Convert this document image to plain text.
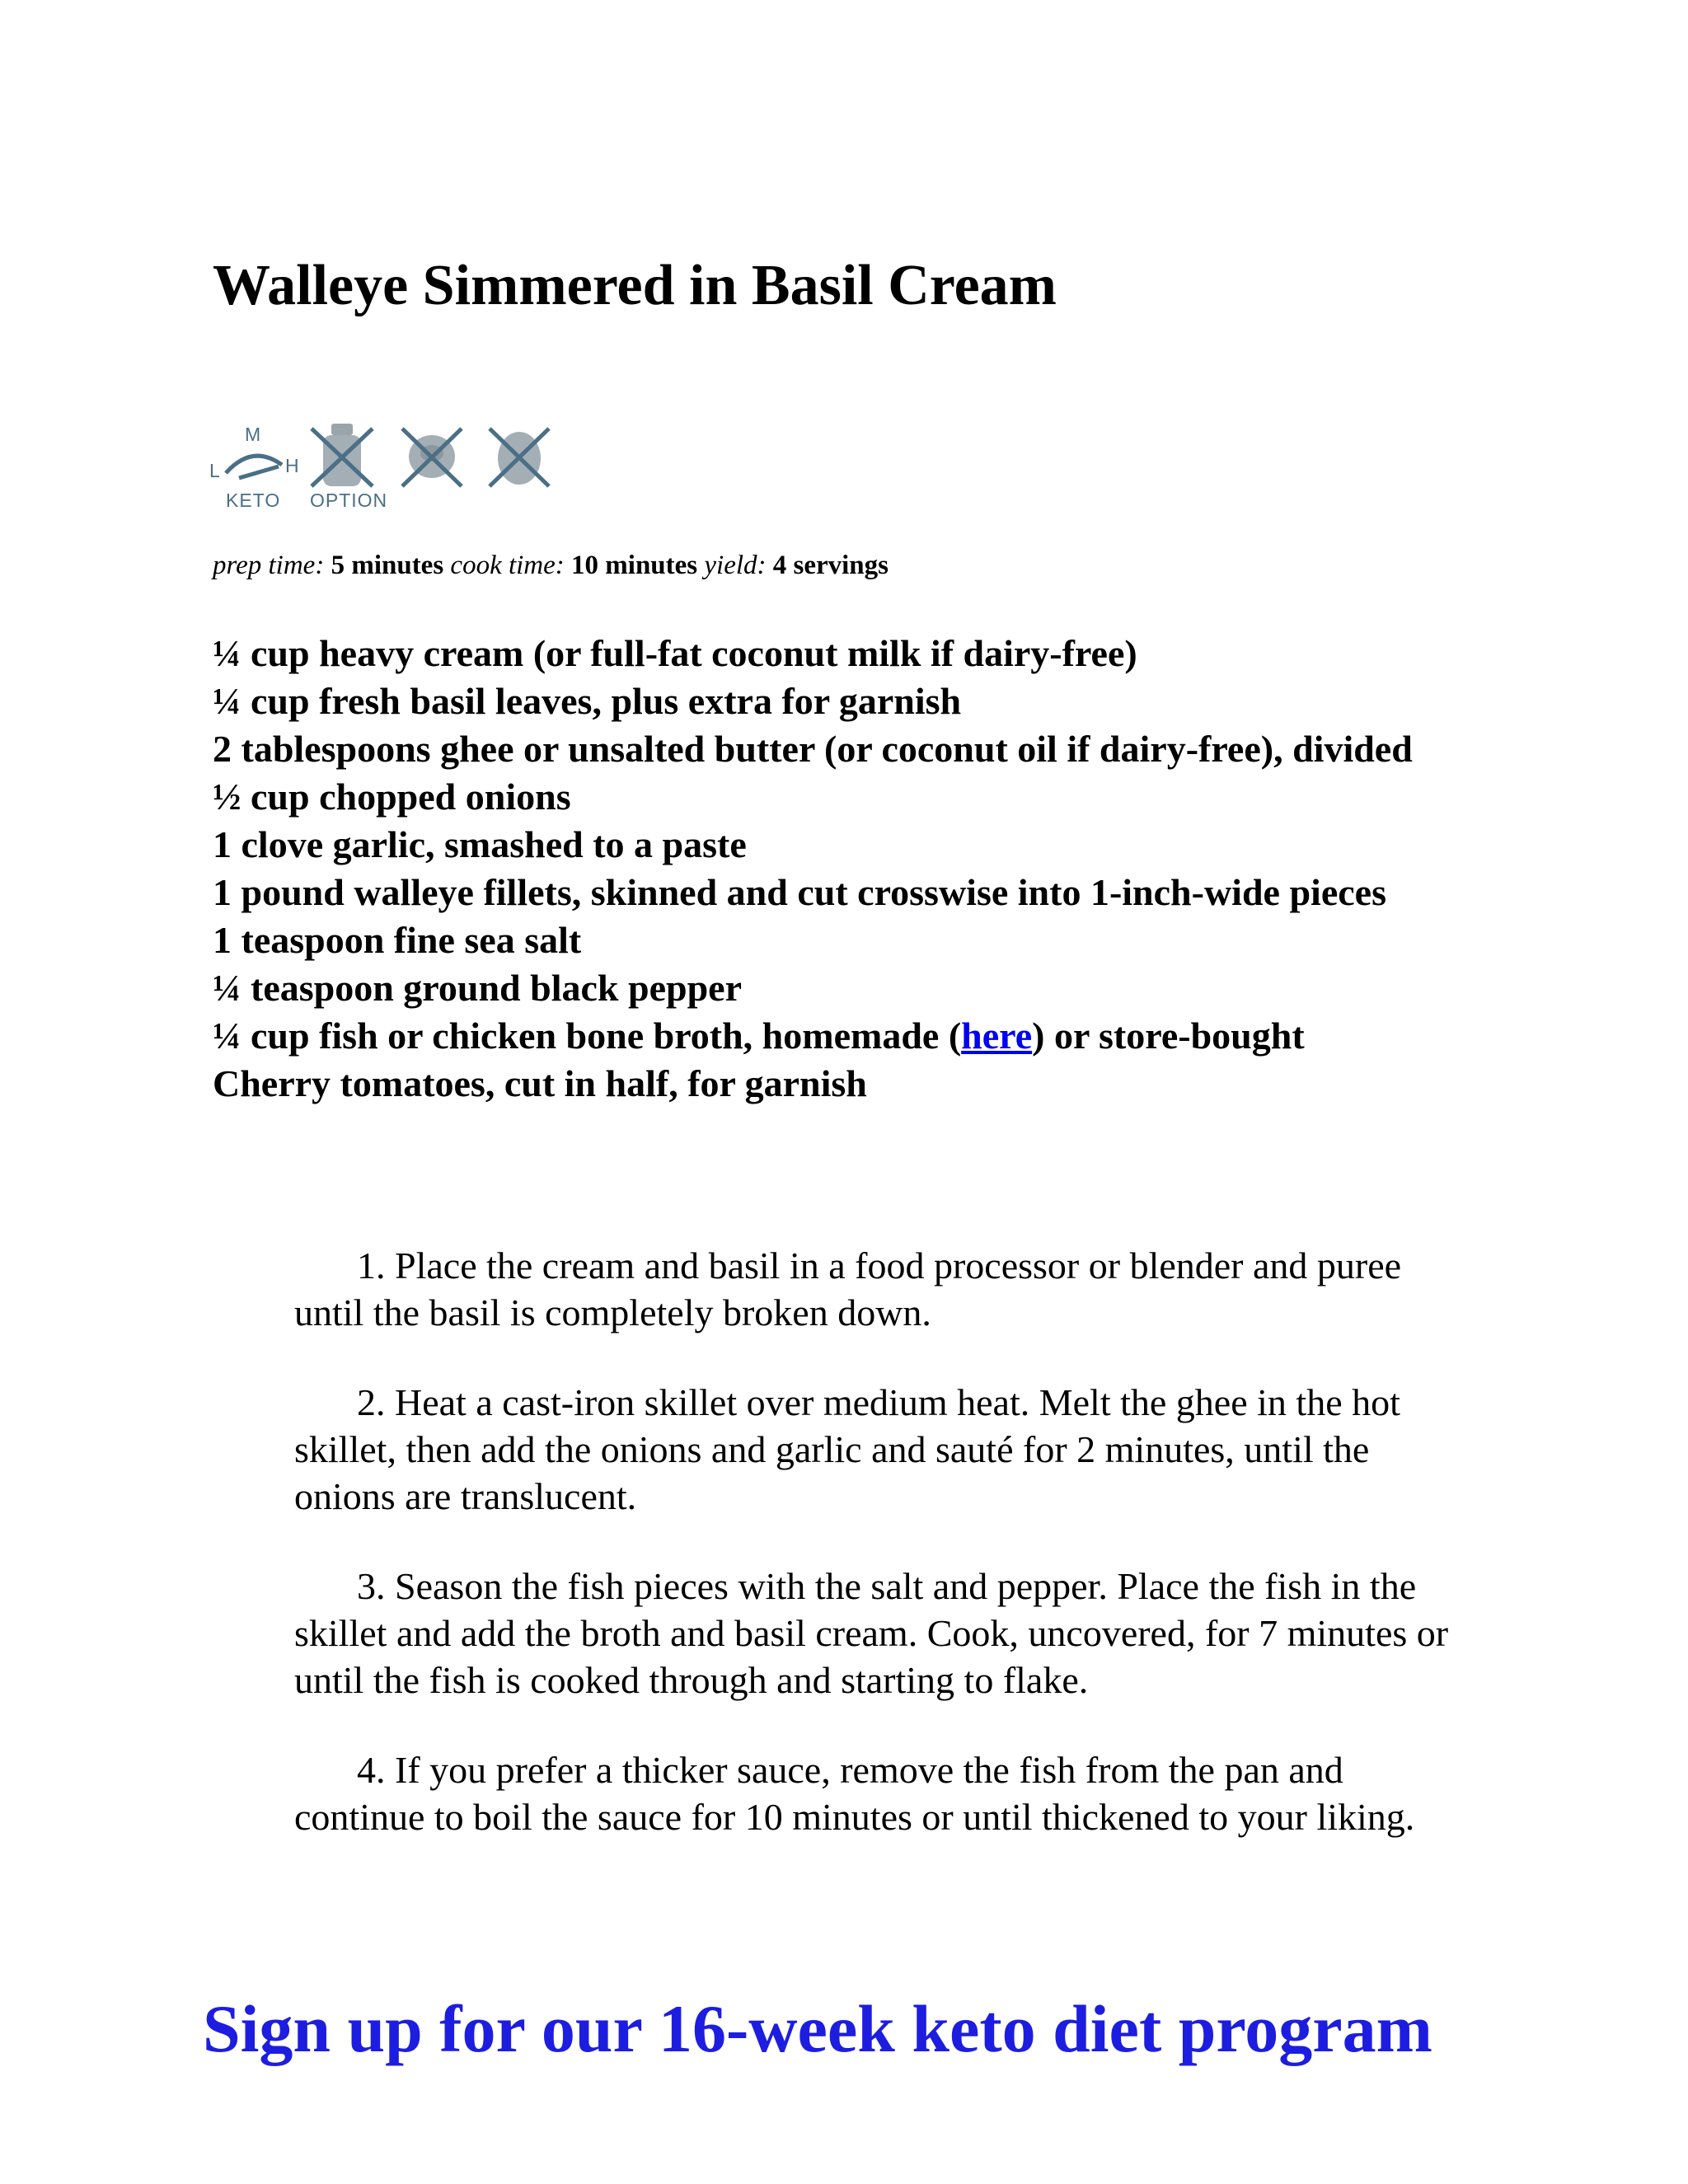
Walleye Simmered in Basil Cream
M
L	H
KETO OPTION
prep time: 5 minutes cook time: 10 minutes yield: 4 servings
¼ cup heavy cream (or full-fat coconut milk if dairy-free)
¼ cup fresh basil leaves, plus extra for garnish
2 tablespoons ghee or unsalted butter (or coconut oil if dairy-free), divided
½ cup chopped onions
1 clove garlic, smashed to a paste
1 pound walleye fillets, skinned and cut crosswise into 1-inch-wide pieces
1 teaspoon fine sea salt
¼ teaspoon ground black pepper
¼ cup fish or chicken bone broth, homemade (here) or store-bought
Cherry tomatoes, cut in half, for garnish
1. Place the cream and basil in a food processor or blender and puree until the basil is completely broken down.
2. Heat a cast-iron skillet over medium heat. Melt the ghee in the hot skillet, then add the onions and garlic and sauté for 2 minutes, until the onions are translucent.
3. Season the fish pieces with the salt and pepper. Place the fish in the skillet and add the broth and basil cream. Cook, uncovered, for 7 minutes or until the fish is cooked through and starting to flake.
4. If you prefer a thicker sauce, remove the fish from the pan and continue to boil the sauce for 10 minutes or until thickened to your liking.
Sign up for our 16-week keto diet program
